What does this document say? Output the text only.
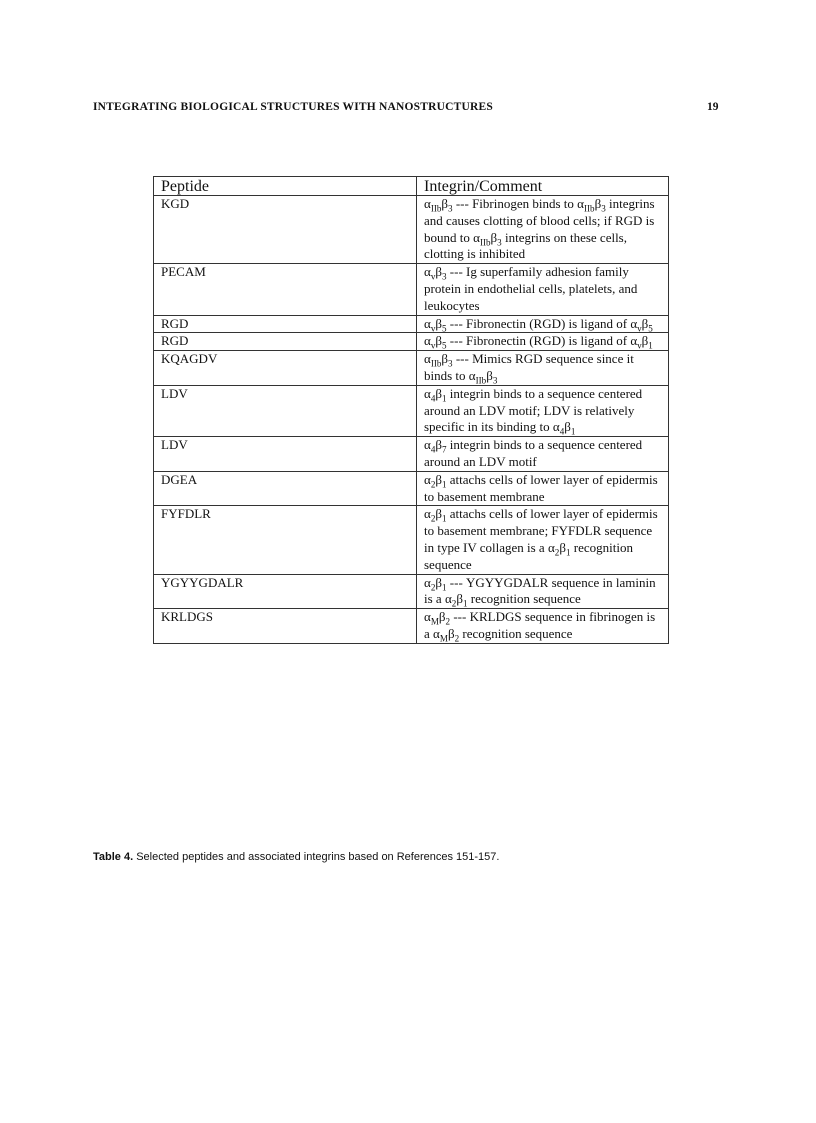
INTEGRATING BIOLOGICAL STRUCTURES WITH NANOSTRUCTURES	19
Peptide	Integrin/Comment
KGD	$\alpha_{IIb}\beta_3$ --- Fibrinogen binds to $\alpha_{IIb}\beta_3$ integrins and causes clotting of blood cells; if RGD is bound to $\alpha_{IIb}\beta_3$ integrins on these cells, clotting is inhibited
PECAM	$\alpha_v\beta_3$ --- Ig superfamily adhesion family protein in endothelial cells, platelets, and leukocytes
RGD	$\alpha_v\beta_5$ --- Fibronectin (RGD) is ligand of $\alpha_v\beta_5$
RGD	$\alpha_v\beta_5$ --- Fibronectin (RGD) is ligand of $\alpha_v\beta_1$
KQAGDV	$\alpha_{IIb}\beta_3$ --- Mimics RGD sequence since it binds to $\alpha_{IIb}\beta_3$
LDV	$\alpha_4\beta_1$ integrin binds to a sequence centered around an LDV motif; LDV is relatively specific in its binding to $\alpha_4\beta_1$
LDV	$\alpha_4\beta_7$ integrin binds to a sequence centered around an LDV motif
DGEA	$\alpha_2\beta_1$ attachs cells of lower layer of epidermis to basement membrane
FYFDLR	$\alpha_2\beta_1$ attachs cells of lower layer of epidermis to basement membrane; FYFDLR sequence in type IV collagen is a $\alpha_2\beta_1$ recognition sequence
YGYYGDALR	$\alpha_2\beta_1$ --- YGYYGDALR sequence in laminin is a $\alpha_2\beta_1$ recognition sequence
KRLDGS	$\alpha_M\beta_2$ --- KRLDGS sequence in fibrinogen is a $\alpha_M\beta_2$ recognition sequence
Table 4. Selected peptides and associated integrins based on References 151-157.
